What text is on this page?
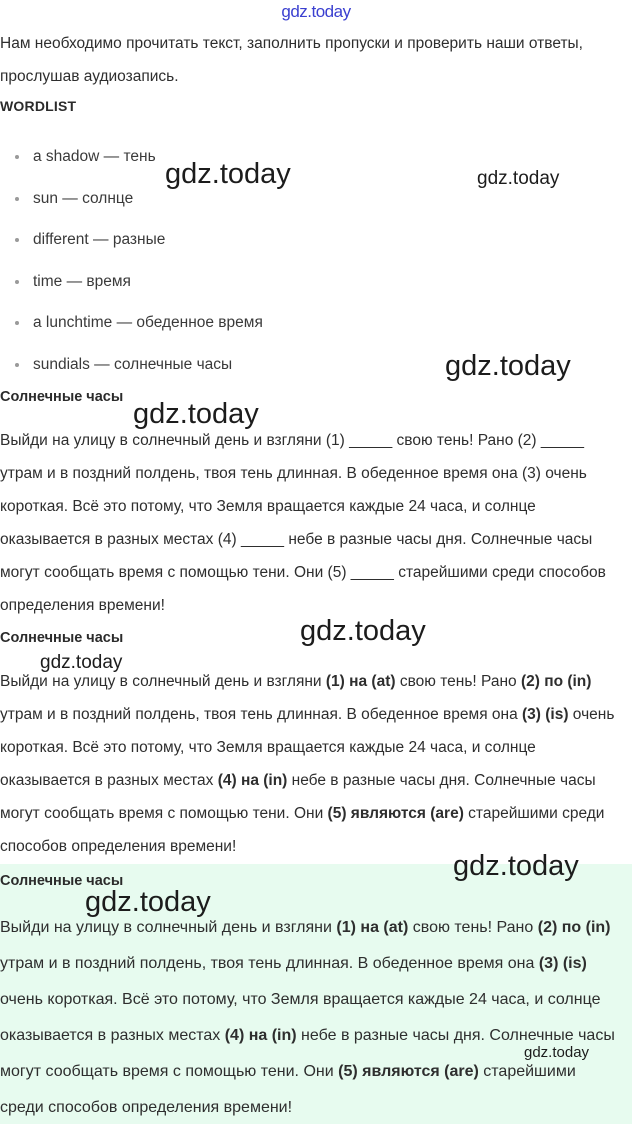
gdz.today
Нам необходимо прочитать текст, заполнить пропуски и проверить наши ответы, прослушав аудиозапись.
WORDLIST
a shadow — тень
sun — солнце
different — разные
time — время
a lunchtime — обеденное время
sundials — солнечные часы
Солнечные часы
Выйди на улицу в солнечный день и взгляни (1) _____ свою тень! Рано (2) _____ утрам и в поздний полдень, твоя тень длинная. В обеденное время она (3) очень короткая. Всё это потому, что Земля вращается каждые 24 часа, и солнце оказывается в разных местах (4) _____ небе в разные часы дня. Солнечные часы могут сообщать время с помощью тени. Они (5) _____ старейшими среди способов определения времени!
Солнечные часы
Выйди на улицу в солнечный день и взгляни (1) на (at) свою тень! Рано (2) по (in) утрам и в поздний полдень, твоя тень длинная. В обеденное время она (3) (is) очень короткая. Всё это потому, что Земля вращается каждые 24 часа, и солнце оказывается в разных местах (4) на (in) небе в разные часы дня. Солнечные часы могут сообщать время с помощью тени. Они (5) являются (are) старейшими среди способов определения времени!
Солнечные часы
Выйди на улицу в солнечный день и взгляни (1) на (at) свою тень! Рано (2) по (in) утрам и в поздний полдень, твоя тень длинная. В обеденное время она (3) (is) очень короткая. Всё это потому, что Земля вращается каждые 24 часа, и солнце оказывается в разных местах (4) на (in) небе в разные часы дня. Солнечные часы могут сообщать время с помощью тени. Они (5) являются (are) старейшими среди способов определения времени!
gdz.today	gdz.today
gdz.today
gdz.today
gdz.today
gdz.today
gdz.today
gdz.today
gdz.today
